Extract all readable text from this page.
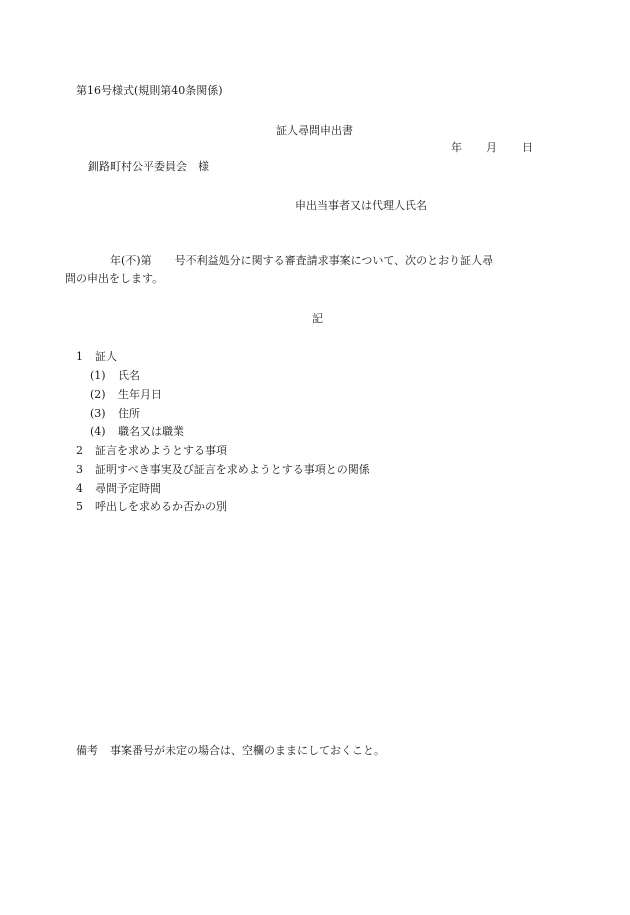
第16号様式(規則第40条関係)
証人尋問申出書
年 月 日
釧路町村公平委員会　様
申出当事者又は代理人氏名
年(不)第 号不利益処分に関する審査請求事案について、次のとおり証人尋
問の申出をします。
記
1 証人
(1) 氏名
(2) 生年月日
(3) 住所
(4) 職名又は職業
2 証言を求めようとする事項
3 証明すべき事実及び証言を求めようとする事項との関係
4 尋問予定時間
5 呼出しを求めるか否かの別
備考 事案番号が未定の場合は、空欄のままにしておくこと。
